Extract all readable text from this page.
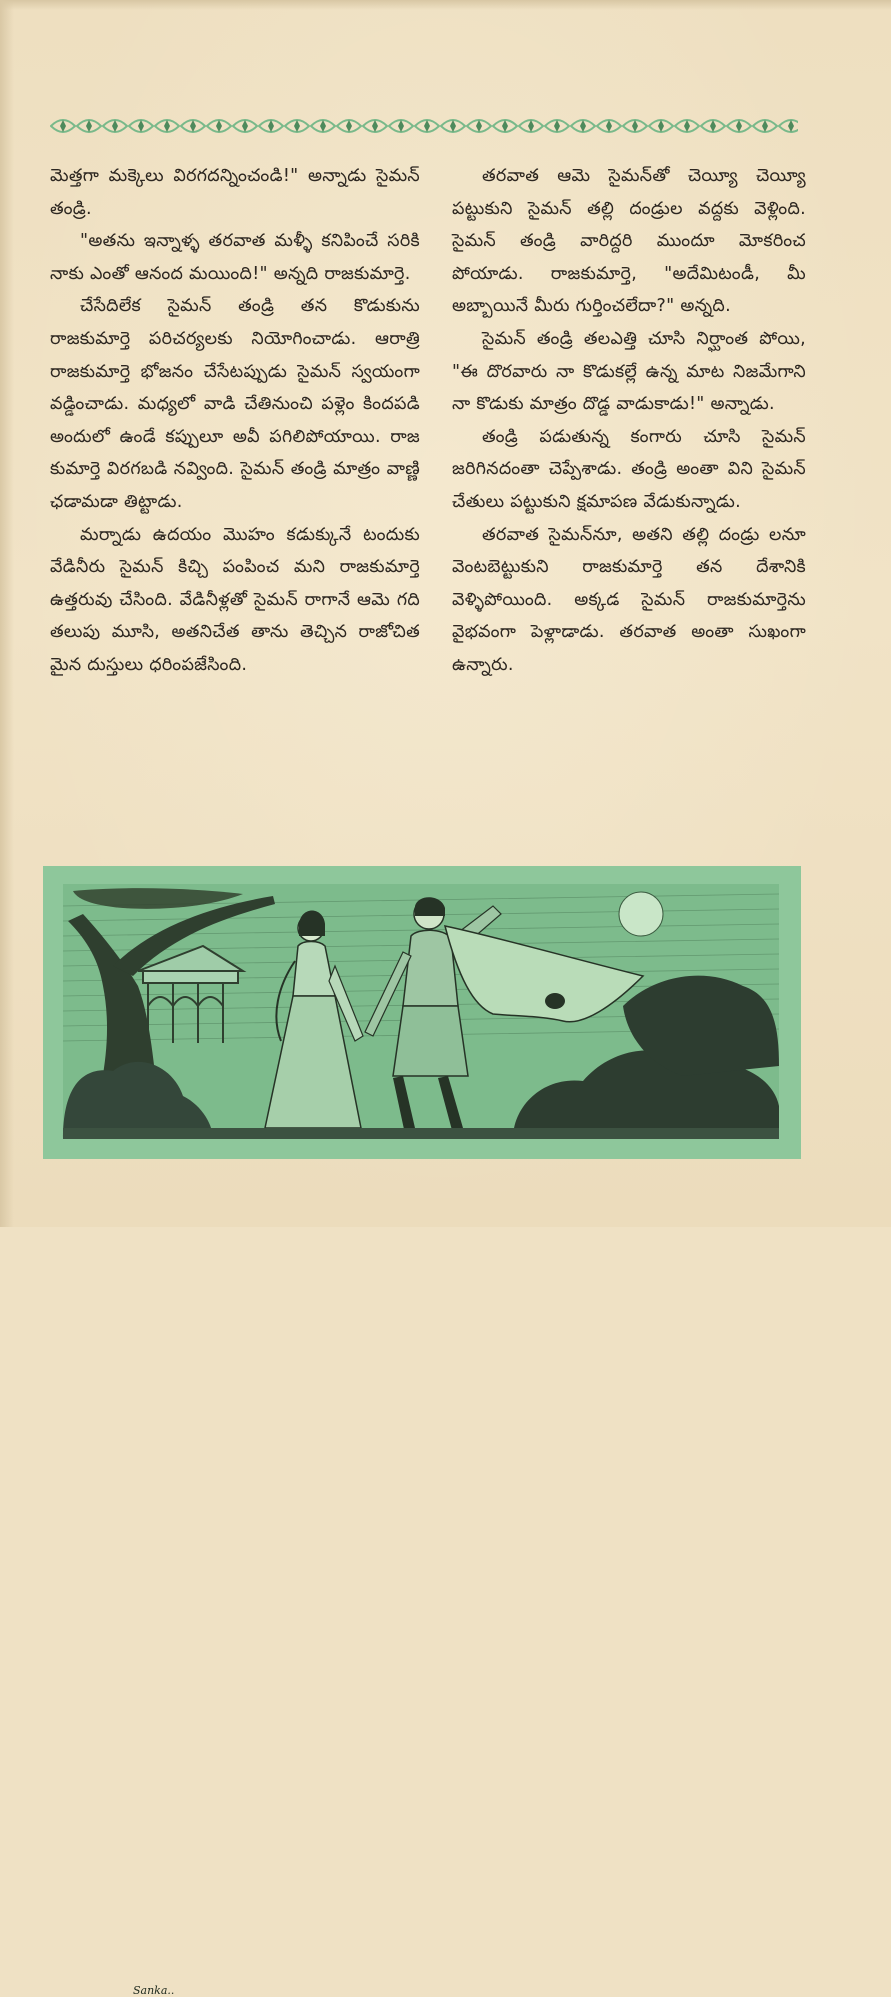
మెత్తగా మక్కెలు విరగదన్నించండి!" అన్నాడు సైమన్ తండ్రి.

"అతను ఇన్నాళ్ళ తరవాత మళ్ళీ కనిపించే సరికి నాకు ఎంతో ఆనంద మయింది!" అన్నది రాజకుమార్తె.

చేసేదిలేక సైమన్ తండ్రి తన కొడుకును రాజకుమార్తె పరిచర్యలకు నియోగించాడు. ఆరాత్రి రాజకుమార్తె భోజనం చేసేటప్పుడు సైమన్ స్వయంగా వడ్డించాడు. మధ్యలో వాడి చేతినుంచి పళ్లెం కిందపడి అందులో ఉండే కప్పులూ అవీ పగిలిపోయాయి. రాజ కుమార్తె విరగబడి నవ్వింది. సైమన్ తండ్రి మాత్రం వాణ్ణి ఛడామడా తిట్టాడు.

మర్నాడు ఉదయం మొహం కడుక్కునే టందుకు వేడినీరు సైమన్ కిచ్చి పంపించ మని రాజకుమార్తె ఉత్తరువు చేసింది. వేడినీళ్లతో సైమన్ రాగానే ఆమె గది తలుపు మూసి, అతనిచేత తాను తెచ్చిన రాజోచిత మైన దుస్తులు ధరింపజేసింది.

తరవాత ఆమె సైమన్‌తో చెయ్యీ చెయ్యీ పట్టుకుని సైమన్ తల్లి దండ్రుల వద్దకు వెళ్లింది. సైమన్ తండ్రి వారిద్దరి ముందూ మోకరించ పోయాడు. రాజకుమార్తె, "అదేమిటండీ, మీ అబ్బాయినే మీరు గుర్తించలేదా?" అన్నది.

సైమన్ తండ్రి తలఎత్తి చూసి నిర్ఘాంత పోయి, "ఈ దొరవారు నా కొడుకల్లే ఉన్న మాట నిజమేగాని నా కొడుకు మాత్రం దొడ్డ వాడుకాడు!" అన్నాడు.

తండ్రి పడుతున్న కంగారు చూసి సైమన్ జరిగినదంతా చెప్పేశాడు. తండ్రి అంతా విని సైమన్ చేతులు పట్టుకుని క్షమాపణ వేడుకున్నాడు.

తరవాత సైమన్‌నూ, అతని తల్లి దండ్రు లనూ వెంటబెట్టుకుని రాజకుమార్తె తన దేశానికి వెళ్ళిపోయింది. అక్కడ సైమన్ రాజకుమార్తెను వైభవంగా పెళ్లాడాడు. తరవాత అంతా సుఖంగా ఉన్నారు.

Sanka..
